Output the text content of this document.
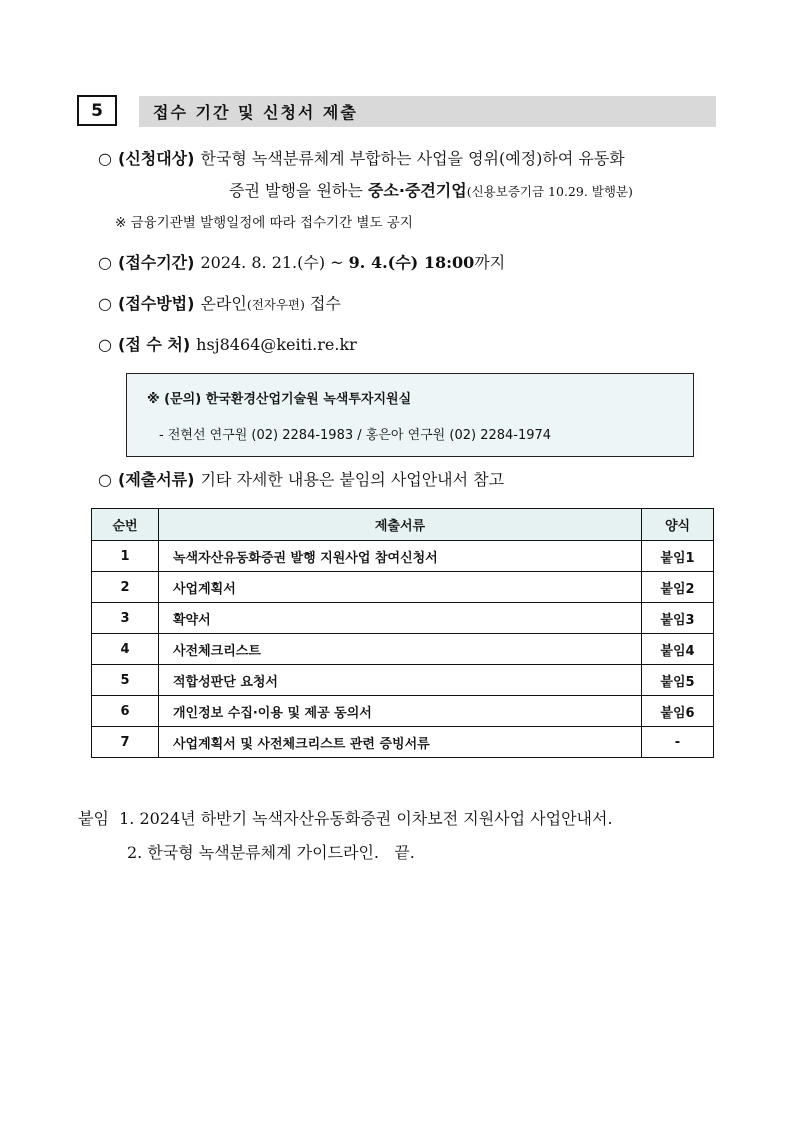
5	접수 기간 및 신청서 제출
○ (신청대상) 한국형 녹색분류체계 부합하는 사업을 영위(예정)하여 유동화
증권 발행을 원하는 중소·중견기업(신용보증기금 10.29. 발행분)
※ 금융기관별 발행일정에 따라 접수기간 별도 공지
○ (접수기간) 2024. 8. 21.(수) ~ 9. 4.(수) 18:00까지
○ (접수방법) 온라인(전자우편) 접수
○ (접 수 처) hsj8464@keiti.re.kr
※ (문의) 한국환경산업기술원 녹색투자지원실
- 전현선 연구원 (02) 2284-1983 / 홍은아 연구원 (02) 2284-1974
○ (제출서류) 기타 자세한 내용은 붙임의 사업안내서 참고
순번	제출서류	양식
1	녹색자산유동화증권 발행 지원사업 참여신청서	붙임1
2	사업계획서	붙임2
3	확약서	붙임3
4	사전체크리스트	붙임4
5	적합성판단 요청서	붙임5
6	개인정보 수집·이용 및 제공 동의서	붙임6
7	사업계획서 및 사전체크리스트 관련 증빙서류	-
붙임 1. 2024년 하반기 녹색자산유동화증권 이차보전 지원사업 사업안내서.
2. 한국형 녹색분류체계 가이드라인. 끝.
